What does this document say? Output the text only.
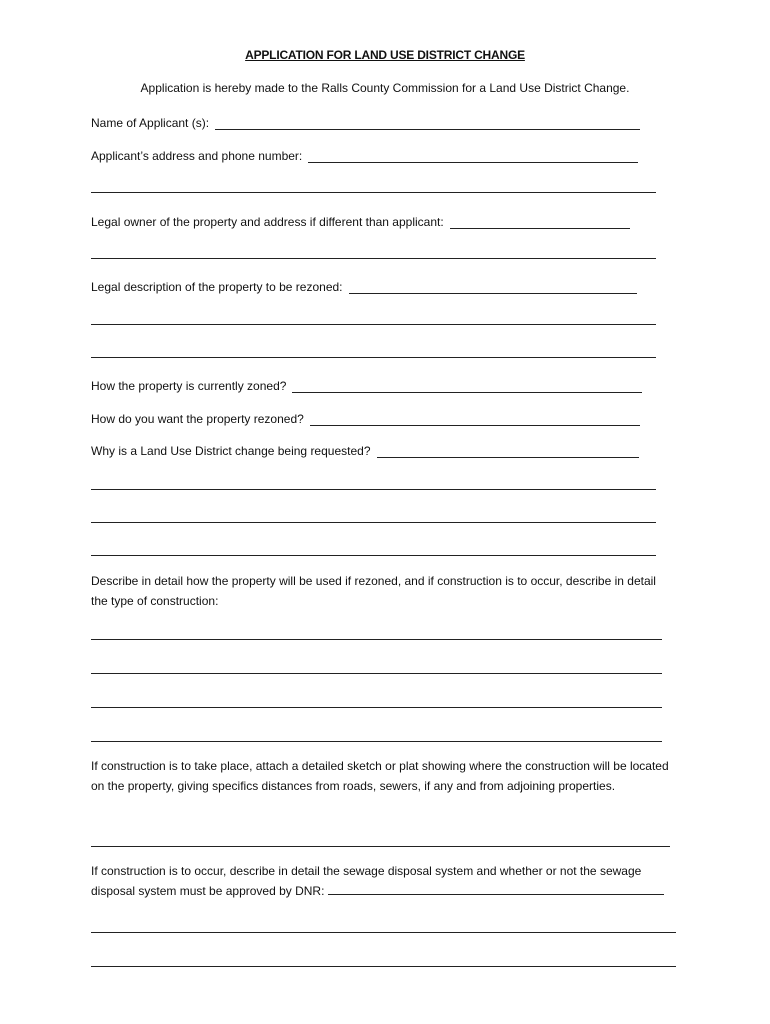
APPLICATION FOR LAND USE DISTRICT CHANGE
Application is hereby made to the Ralls County Commission for a Land Use District Change.
Name of Applicant (s):
Applicant’s address and phone number:
Legal owner of the property and address if different than applicant:
Legal description of the property to be rezoned:
How the property is currently zoned?
How do you want the property rezoned?
Why is a Land Use District change being requested?
Describe in detail how the property will be used if rezoned, and if construction is to occur, describe in detail the type of construction:
If construction is to take place, attach a detailed sketch or plat showing where the construction will be located on the property, giving specifics distances from roads, sewers, if any and from adjoining properties.
If construction is to occur, describe in detail the sewage disposal system and whether or not the sewage disposal system must be approved by DNR:
